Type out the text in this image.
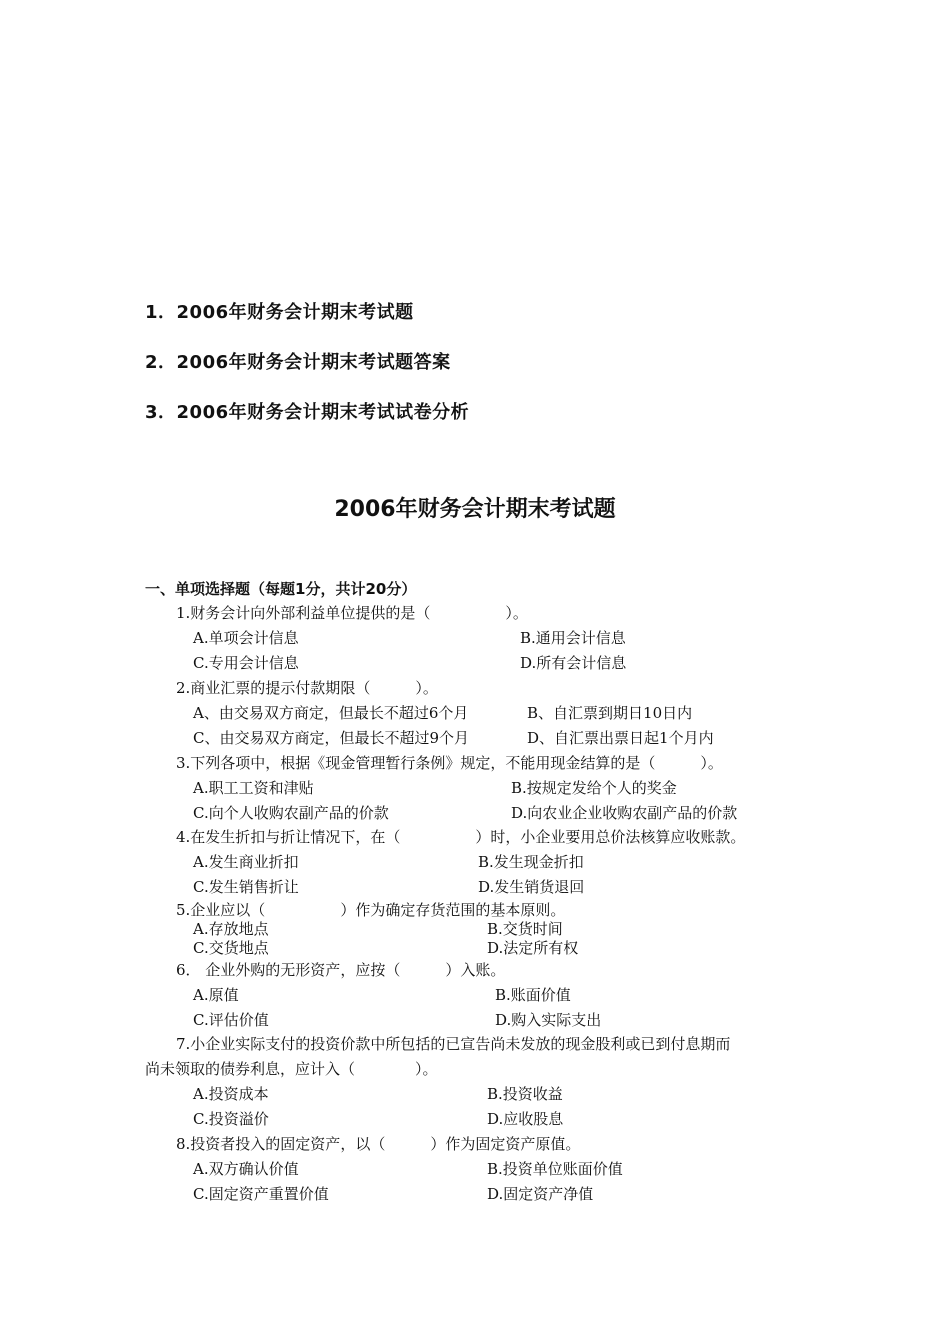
1．2006年财务会计期末考试题
2．2006年财务会计期末考试题答案
3．2006年财务会计期末考试试卷分析
2006年财务会计期末考试题
一、单项选择题（每题1分，共计20分）
1.财务会计向外部利益单位提供的是（　　　　　）。
A.单项会计信息	B.通用会计信息
C.专用会计信息	D.所有会计信息
2.商业汇票的提示付款期限（　　　）。
A、由交易双方商定，但最长不超过6个月	B、自汇票到期日10日内
C、由交易双方商定，但最长不超过9个月	D、自汇票出票日起1个月内
3.下列各项中，根据《现金管理暂行条例》规定，不能用现金结算的是（　　　）。
A.职工工资和津贴	B.按规定发给个人的奖金
C.向个人收购农副产品的价款	D.向农业企业收购农副产品的价款
4.在发生折扣与折让情况下，在（　　　　　）时，小企业要用总价法核算应收账款。
A.发生商业折扣	B.发生现金折扣
C.发生销售折让	D.发生销货退回
5.企业应以（　　　　　）作为确定存货范围的基本原则。
A.存放地点	B.交货时间
C.交货地点	D.法定所有权
6． 企业外购的无形资产，应按（　　　）入账。
A.原值	B.账面价值
C.评估价值	D.购入实际支出
7.小企业实际支付的投资价款中所包括的已宣告尚未发放的现金股利或已到付息期而
尚未领取的债券利息，应计入（　　　　）。
A.投资成本	B.投资收益
C.投资溢价	D.应收股息
8.投资者投入的固定资产，以（　　　）作为固定资产原值。
A.双方确认价值	B.投资单位账面价值
C.固定资产重置价值	D.固定资产净值
